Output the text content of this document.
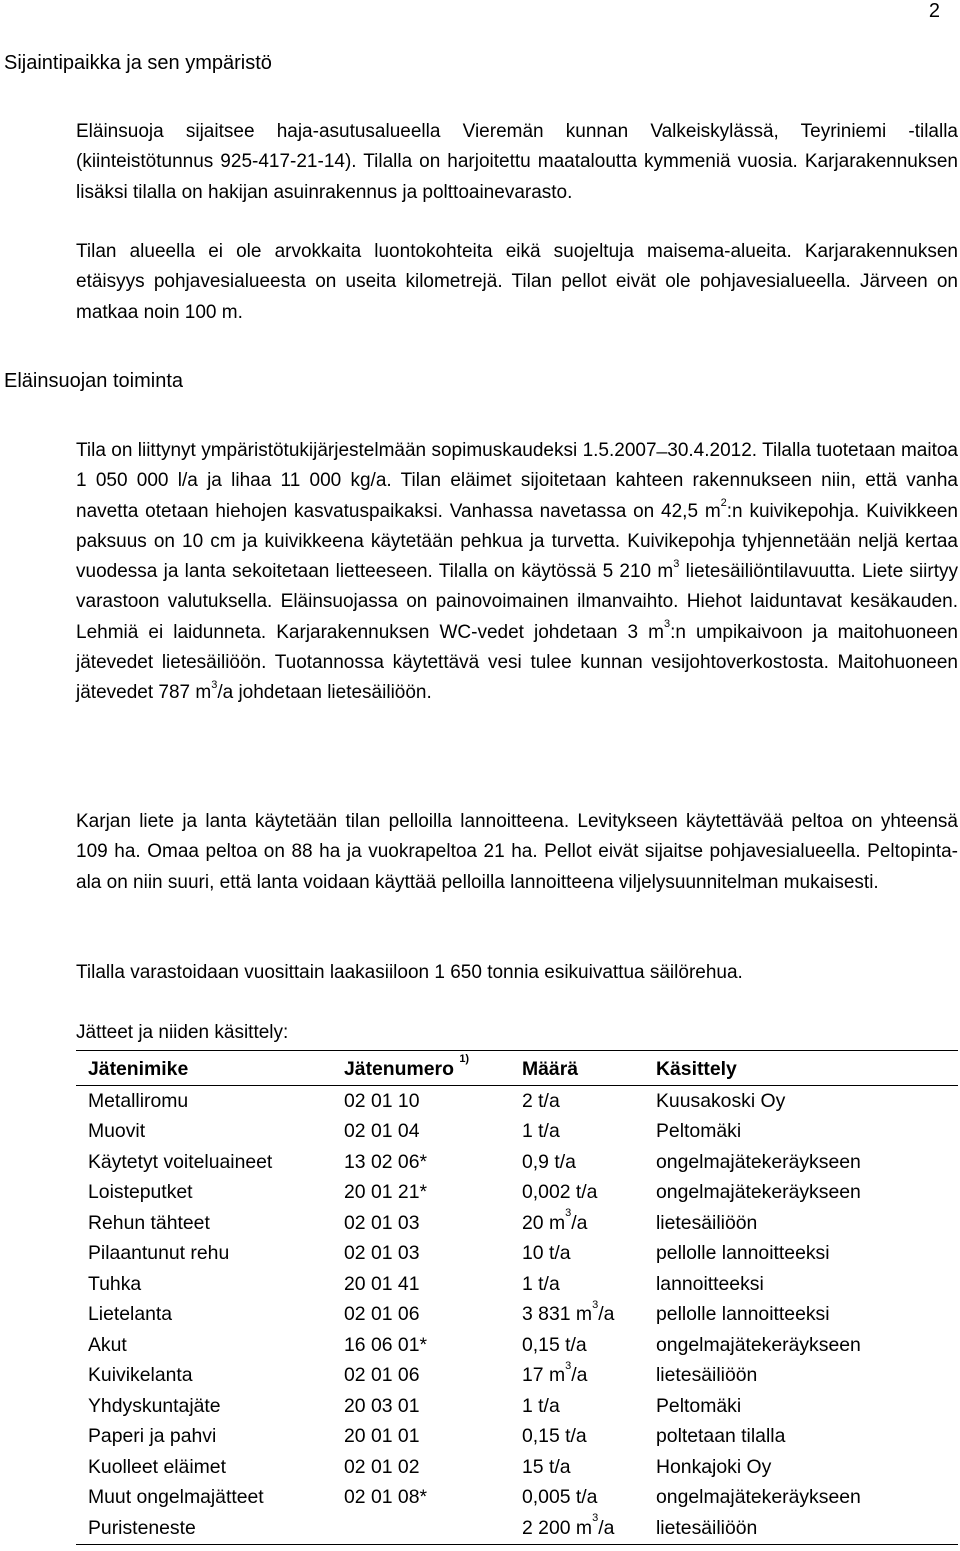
2
Sijaintipaikka ja sen ympäristö
Eläinsuoja sijaitsee haja-asutusalueella Vieremän kunnan Valkeiskylässä, Teyriniemi -tilalla (kiinteistötunnus 925-417-21-14). Tilalla on harjoitettu maataloutta kymmeniä vuosia. Karjarakennuksen lisäksi tilalla on hakijan asuinrakennus ja polttoainevarasto.
Tilan alueella ei ole arvokkaita luontokohteita eikä suojeltuja maisema-alueita. Karjarakennuksen etäisyys pohjavesialueesta on useita kilometrejä. Tilan pellot eivät ole pohjavesialueella. Järveen on matkaa noin 100 m.
Eläinsuojan toiminta
Tila on liittynyt ympäristötukijärjestelmään sopimuskaudeksi 1.5.2007 ̶ 30.4.2012. Tilalla tuotetaan maitoa 1 050 000 l/a ja lihaa 11 000 kg/a. Tilan eläimet sijoitetaan kahteen rakennukseen niin, että vanha navetta otetaan hiehojen kasvatuspaikaksi. Vanhassa navetassa on 42,5 $m^2:n$ kuivikepohja. Kuivikkeen paksuus on 10 cm ja kuivikkeena käytetään pehkua ja turvetta. Kuivikepohja tyhjennetään neljä kertaa vuodessa ja lanta sekoitetaan lietteeseen. Tilalla on käytössä 5 210 $m^3$ lietesäiliöntilavuutta. Liete siirtyy varastoon valutuksella. Eläinsuojassa on painovoimainen ilmanvaihto. Hiehot laiduntavat kesäkauden. Lehmiä ei laidunneta. Karjarakennuksen WC-vedet johdetaan 3 $m^3:n$ umpikaivoon ja maitohuoneen jätevedet lietesäiliöön. Tuotannossa käytettävä vesi tulee kunnan vesijohtoverkostosta. Maitohuoneen jätevedet 787 $m^3/a$ johdetaan lietesäiliöön.
Karjan liete ja lanta käytetään tilan pelloilla lannoitteena. Levitykseen käytettävää peltoa on yhteensä 109 ha. Omaa peltoa on 88 ha ja vuokrapeltoa 21 ha. Pellot eivät sijaitse pohjavesialueella. Peltopinta-ala on niin suuri, että lanta voidaan käyttää pelloilla lannoitteena viljelysuunnitelman mukaisesti.
Tilalla varastoidaan vuosittain laakasiiloon 1 650 tonnia esikuivattua säilörehua.
Jätteet ja niiden käsittely:
Jätenimike	Jätenumero $^{1)}$	Määrä	Käsittely
Metalliromu	02 01 10	2 t/a	Kuusakoski Oy
Muovit	02 01 04	1 t/a	Peltomäki
Käytetyt voiteluaineet	13 02 06*	0,9 t/a	ongelmajätekeräykseen
Loisteputket	20 01 21*	0,002 t/a	ongelmajätekeräykseen
Rehun tähteet	02 01 03	20 $m^3/a$	lietesäiliöön
Pilaantunut rehu	02 01 03	10 t/a	pellolle lannoitteeksi
Tuhka	20 01 41	1 t/a	lannoitteeksi
Lietelanta	02 01 06	3 831 $m^3/a$	pellolle lannoitteeksi
Akut	16 06 01*	0,15 t/a	ongelmajätekeräykseen
Kuivikelanta	02 01 06	17 $m^3/a$	lietesäiliöön
Yhdyskuntajäte	20 03 01	1 t/a	Peltomäki
Paperi ja pahvi	20 01 01	0,15 t/a	poltetaan tilalla
Kuolleet eläimet	02 01 02	15 t/a	Honkajoki Oy
Muut ongelmajätteet	02 01 08*	0,005 t/a	ongelmajätekeräykseen
Puristeneste		2 200 $m^3/a$	lietesäiliöön
